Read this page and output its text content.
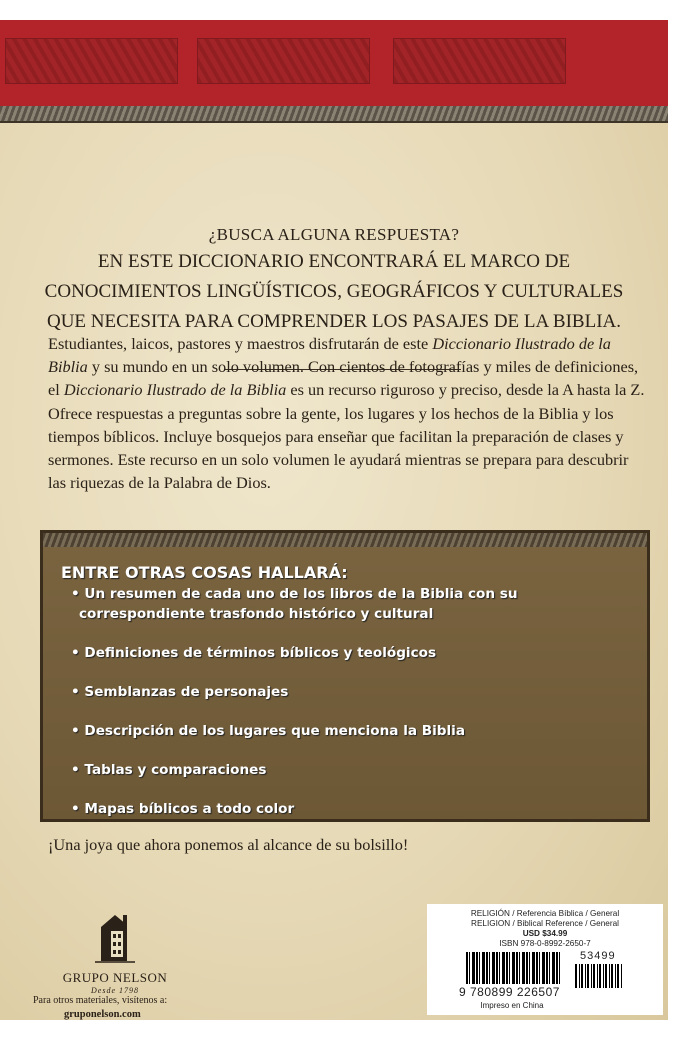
¿BUSCA ALGUNA RESPUESTA?
EN ESTE DICCIONARIO ENCONTRARÁ EL MARCO DE
CONOCIMIENTOS LINGÜÍSTICOS, GEOGRÁFICOS Y CULTURALES
QUE NECESITA PARA COMPRENDER LOS PASAJES DE LA BIBLIA.
Estudiantes, laicos, pastores y maestros disfrutarán de este Diccionario Ilustrado de la Biblia y su mundo en un solo volumen. Con cientos de fotografías y miles de definiciones, el Diccionario Ilustrado de la Biblia es un recurso riguroso y preciso, desde la A hasta la Z. Ofrece respuestas a preguntas sobre la gente, los lugares y los hechos de la Biblia y los tiempos bíblicos. Incluye bosquejos para enseñar que facilitan la preparación de clases y sermones. Este recurso en un solo volumen le ayudará mientras se prepara para descubrir las riquezas de la Palabra de Dios.
ENTRE OTRAS COSAS HALLARÁ:
• Un resumen de cada uno de los libros de la Biblia con su correspondiente trasfondo histórico y cultural
• Definiciones de términos bíblicos y teológicos
• Semblanzas de personajes
• Descripción de los lugares que menciona la Biblia
• Tablas y comparaciones
• Mapas bíblicos a todo color
¡Una joya que ahora ponemos al alcance de su bolsillo!
GRUPO NELSON
Desde 1798
Para otros materiales, visítenos a:
gruponelson.com
RELIGIÓN / Referencia Bíblica / General
RELIGION / Biblical Reference / General
USD $34.99
ISBN 978-0-8992-2650-7
53499
9 780899 226507
Impreso en China
